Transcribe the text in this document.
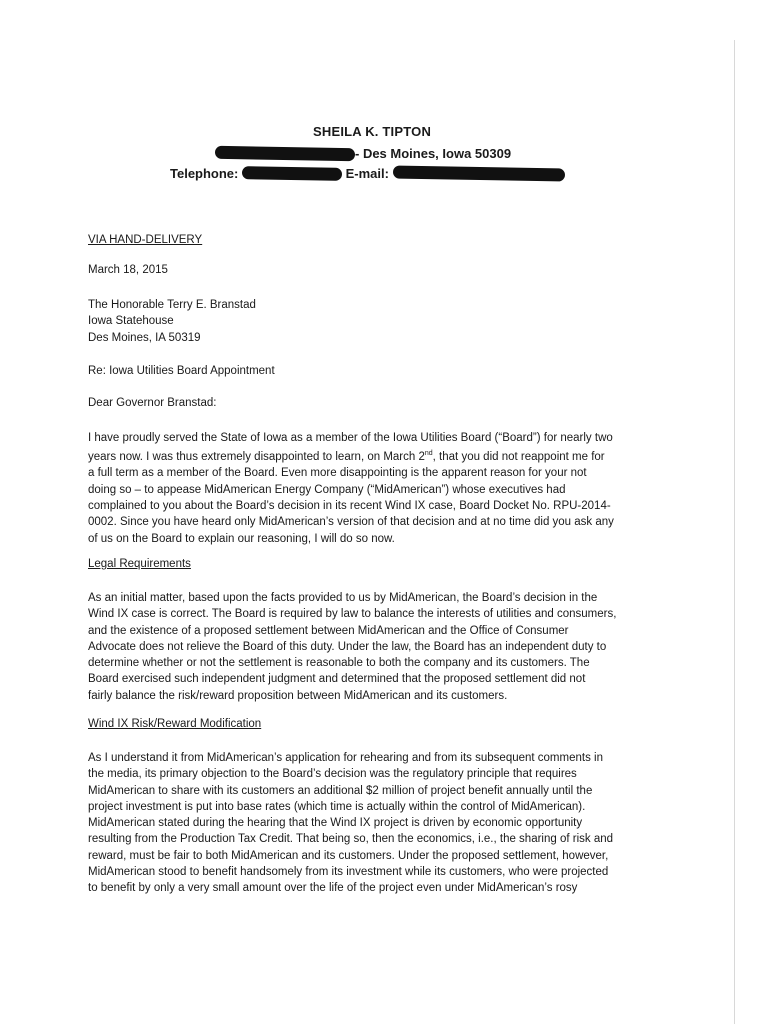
SHEILA K. TIPTON
- Des Moines, Iowa 50309
Telephone:	E-mail:
VIA HAND-DELIVERY
March 18, 2015
The Honorable Terry E. Branstad
Iowa Statehouse
Des Moines, IA 50319
Re: Iowa Utilities Board Appointment
Dear Governor Branstad:
I have proudly served the State of Iowa as a member of the Iowa Utilities Board (“Board”) for nearly two
years now. I was thus extremely disappointed to learn, on March 2nd, that you did not reappoint me for
a full term as a member of the Board. Even more disappointing is the apparent reason for your not
doing so – to appease MidAmerican Energy Company (“MidAmerican”) whose executives had
complained to you about the Board’s decision in its recent Wind IX case, Board Docket No. RPU-2014-
0002. Since you have heard only MidAmerican’s version of that decision and at no time did you ask any
of us on the Board to explain our reasoning, I will do so now.
Legal Requirements
As an initial matter, based upon the facts provided to us by MidAmerican, the Board’s decision in the
Wind IX case is correct. The Board is required by law to balance the interests of utilities and consumers,
and the existence of a proposed settlement between MidAmerican and the Office of Consumer
Advocate does not relieve the Board of this duty. Under the law, the Board has an independent duty to
determine whether or not the settlement is reasonable to both the company and its customers. The
Board exercised such independent judgment and determined that the proposed settlement did not
fairly balance the risk/reward proposition between MidAmerican and its customers.
Wind IX Risk/Reward Modification
As I understand it from MidAmerican’s application for rehearing and from its subsequent comments in
the media, its primary objection to the Board’s decision was the regulatory principle that requires
MidAmerican to share with its customers an additional $2 million of project benefit annually until the
project investment is put into base rates (which time is actually within the control of MidAmerican).
MidAmerican stated during the hearing that the Wind IX project is driven by economic opportunity
resulting from the Production Tax Credit. That being so, then the economics, i.e., the sharing of risk and
reward, must be fair to both MidAmerican and its customers. Under the proposed settlement, however,
MidAmerican stood to benefit handsomely from its investment while its customers, who were projected
to benefit by only a very small amount over the life of the project even under MidAmerican’s rosy
